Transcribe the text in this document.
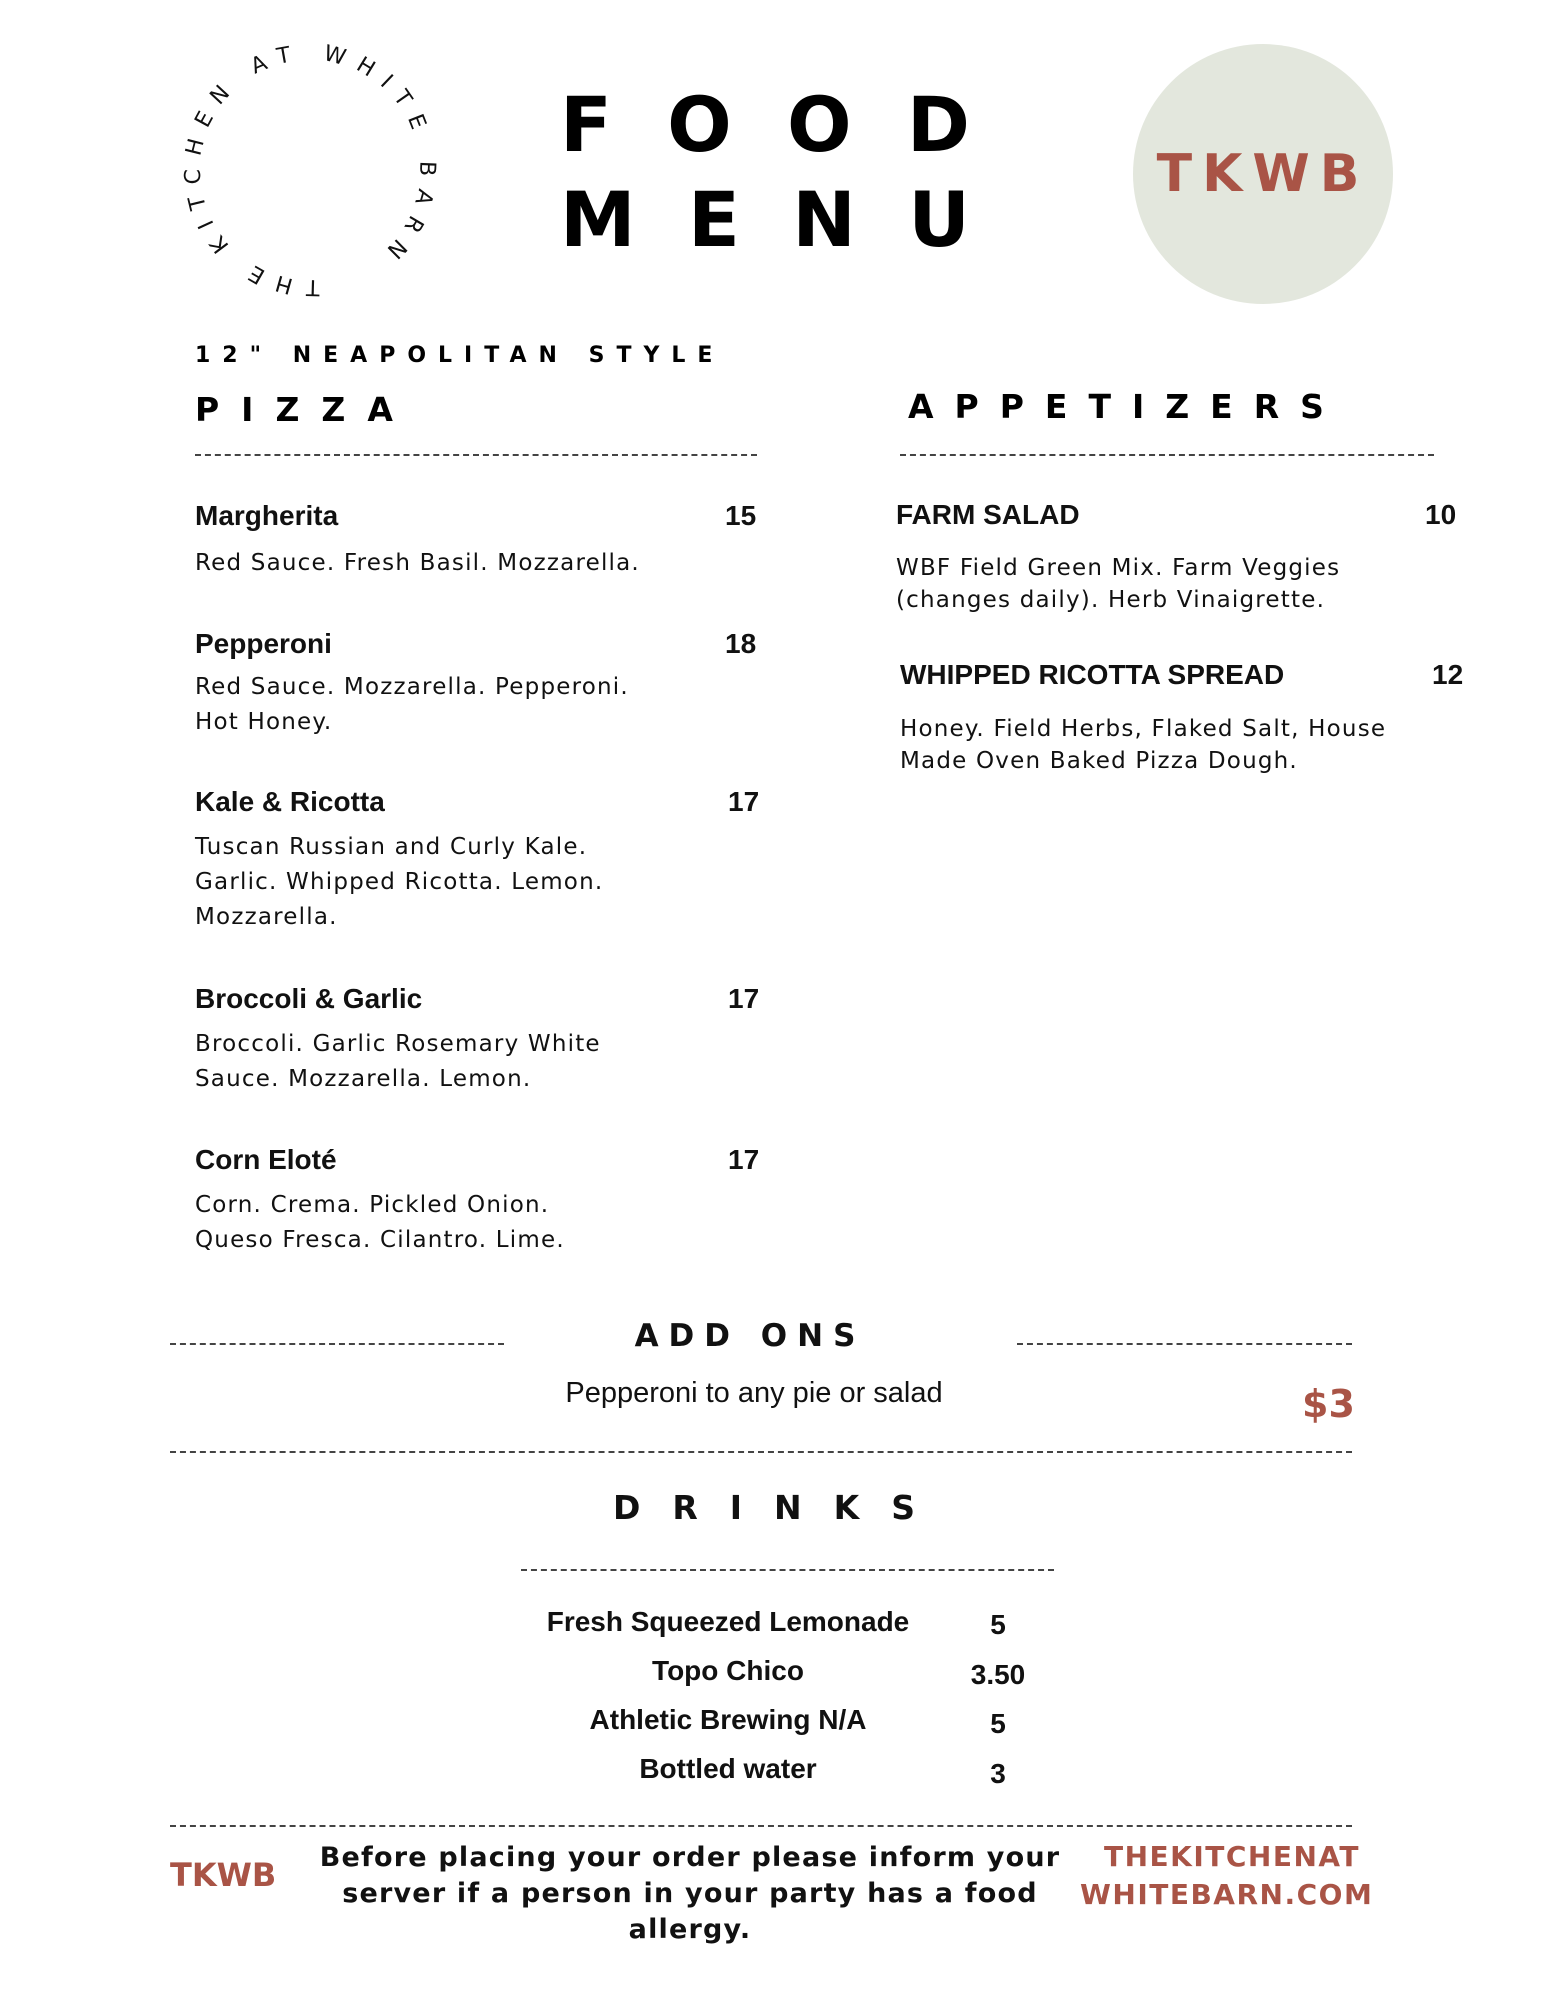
THE KITCHEN AT WHITE BARN
F O O D
M E N U
TKWB
12" NEAPOLITAN STYLE
PIZZA
Margherita	15
Red Sauce. Fresh Basil. Mozzarella.
Pepperoni	18
Red Sauce. Mozzarella. Pepperoni.
Hot Honey.
Kale & Ricotta	17
Tuscan Russian and Curly Kale.
Garlic. Whipped Ricotta. Lemon.
Mozzarella.
Broccoli & Garlic	17
Broccoli. Garlic Rosemary White
Sauce. Mozzarella. Lemon.
Corn Eloté	17
Corn. Crema. Pickled Onion.
Queso Fresca. Cilantro. Lime.
APPETIZERS
FARM SALAD	10
WBF Field Green Mix. Farm Veggies
(changes daily). Herb Vinaigrette.
WHIPPED RICOTTA SPREAD	12
Honey. Field Herbs, Flaked Salt, House
Made Oven Baked Pizza Dough.
ADD ONS
Pepperoni to any pie or salad	$3
DRINKS
Fresh Squeezed Lemonade	5
Topo Chico	3.50
Athletic Brewing N/A	5
Bottled water	3
TKWB	Before placing your order please inform your
server if a person in your party has a food allergy.
THEKITCHENAT
WHITEBARN.COM
